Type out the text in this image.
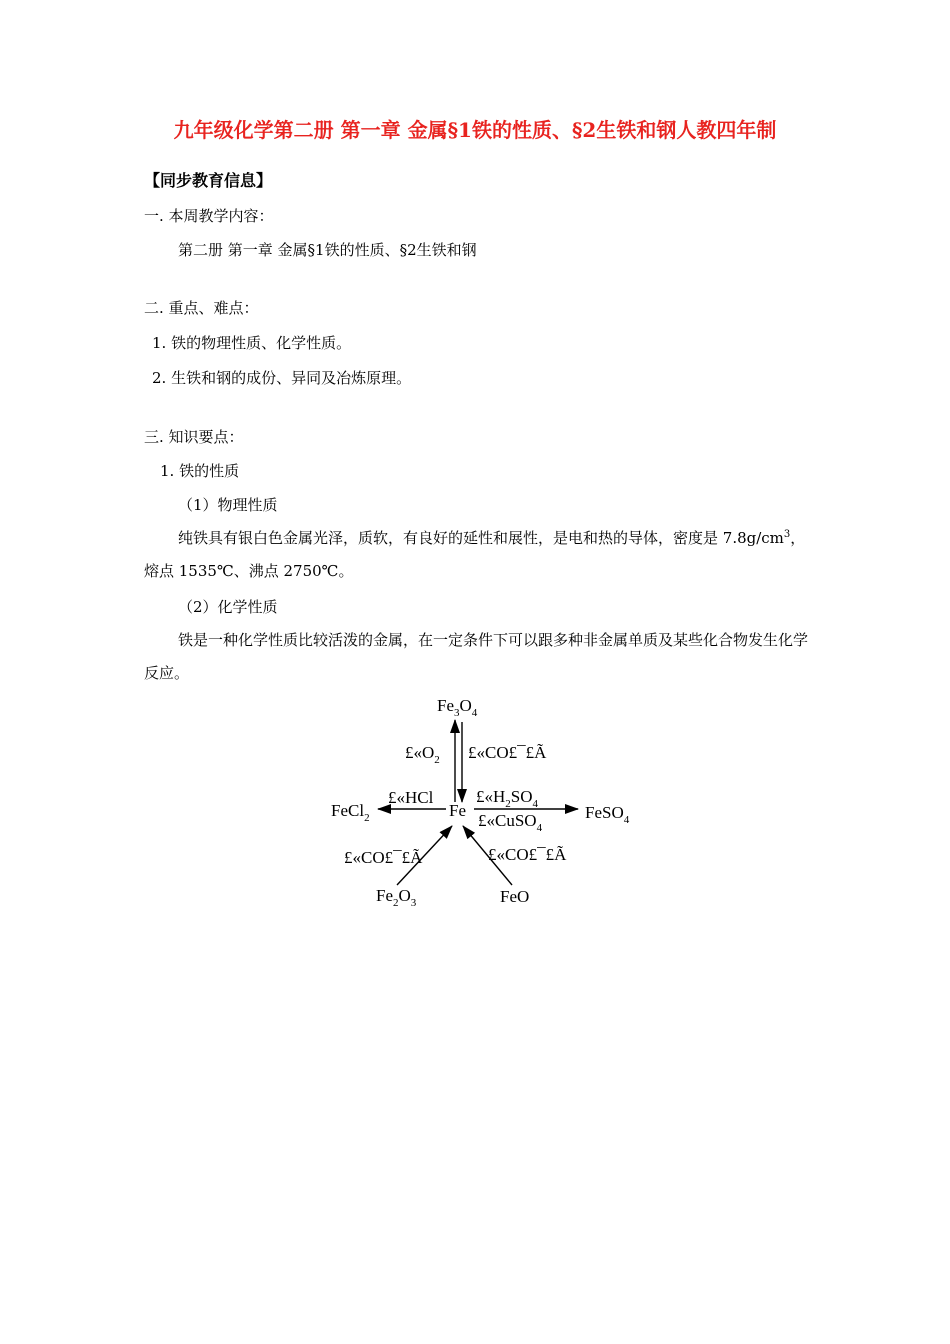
九年级化学第二册 第一章 金属§1铁的性质、§2生铁和钢人教四年制
【同步教育信息】
一. 本周教学内容：
第二册 第一章 金属§1铁的性质、§2生铁和钢
二. 重点、难点：
1. 铁的物理性质、化学性质。
2. 生铁和钢的成份、异同及冶炼原理。
三. 知识要点：
1. 铁的性质
（1）物理性质
纯铁具有银白色金属光泽，质软，有良好的延性和展性，是电和热的导体，密度是 $7.8g/cm^3$，熔点 1535℃、沸点 2750℃。
（2）化学性质
铁是一种化学性质比较活泼的金属，在一定条件下可以跟多种非金属单质及某些化合物发生化学反应。
$Fe_3O_4$
$£«O_2$ £«CO£¯£Ã
Fe
FeCl$_2$
£«HCl	$£«H_2SO_4$
£«CuSO$_4$
FeSO$_4$
£«CO£¯£Ã
$Fe_2O_3$
£«CO£¯£Ã
FeO
